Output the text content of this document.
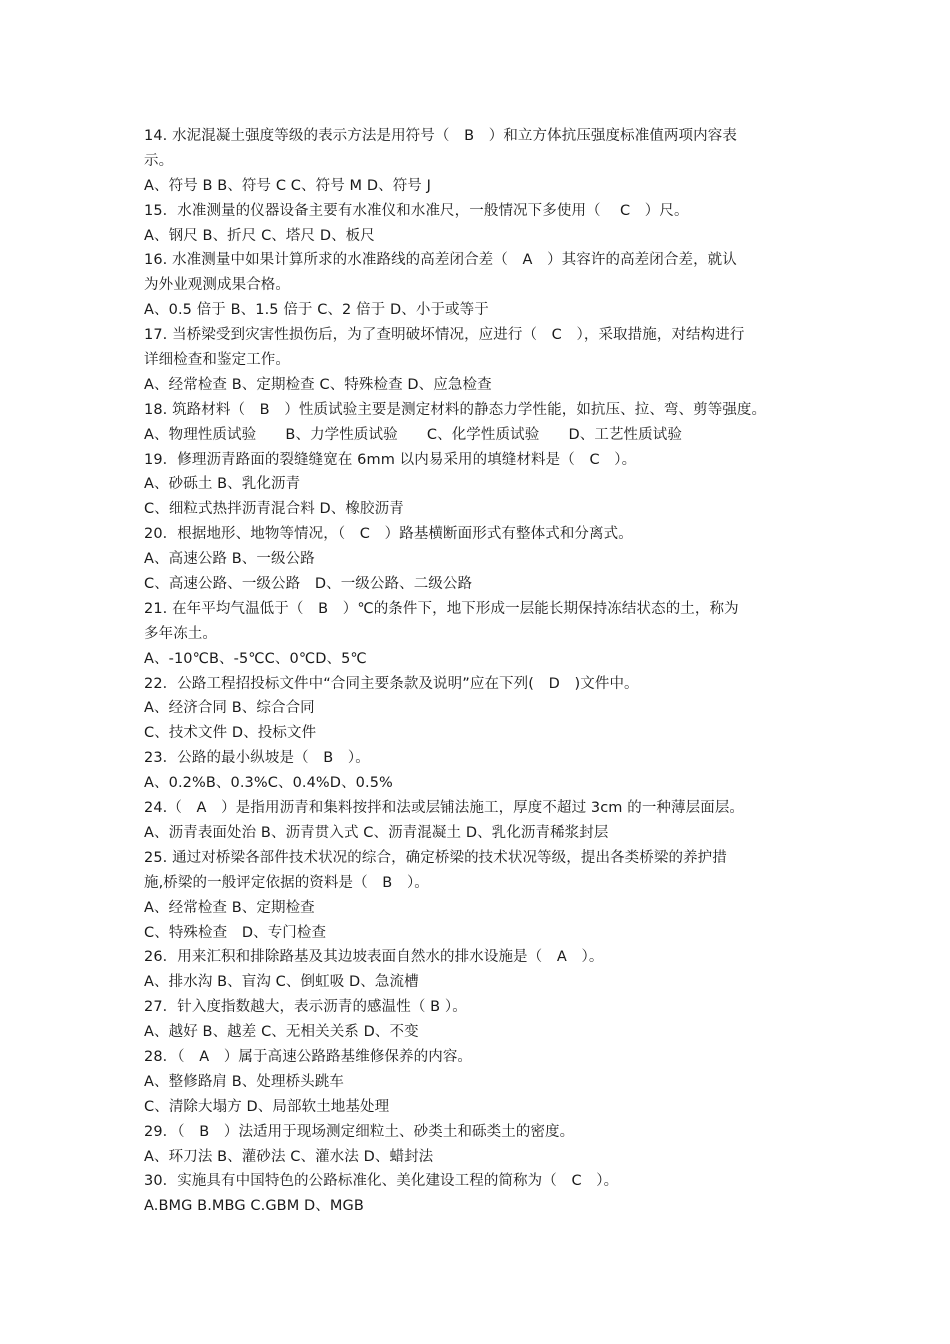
14. 水泥混凝土强度等级的表示方法是用符号（　B　）和立方体抗压强度标准值两项内容表
示。
A、符号 B B、符号 C C、符号 M D、符号 J
15．水准测量的仪器设备主要有水准仪和水准尺，一般情况下多使用（　 C　）尺。
A、钢尺 B、折尺 C、塔尺 D、板尺
16. 水准测量中如果计算所求的水准路线的高差闭合差（　A　）其容许的高差闭合差，就认
为外业观测成果合格。
A、0.5 倍于 B、1.5 倍于 C、2 倍于 D、小于或等于
17. 当桥梁受到灾害性损伤后，为了查明破坏情况，应进行（　C　），采取措施，对结构进行
详细检查和鉴定工作。
A、经常检查 B、定期检查 C、特殊检查 D、应急检查
18. 筑路材料（　B　）性质试验主要是测定材料的静态力学性能，如抗压、拉、弯、剪等强度。
A、物理性质试验　　B、力学性质试验　　C、化学性质试验　　D、工艺性质试验
19．修理沥青路面的裂缝缝宽在 6mm 以内易采用的填缝材料是（　C　）。
A、砂砾土 B、乳化沥青
C、细粒式热拌沥青混合料 D、橡胶沥青
20．根据地形、地物等情况，（　C　）路基横断面形式有整体式和分离式。
A、高速公路 B、一级公路
C、高速公路、一级公路　D、一级公路、二级公路
21. 在年平均气温低于（　B　）℃的条件下，地下形成一层能长期保持冻结状态的土，称为
多年冻土。
A、-10℃B、-5℃C、0℃D、5℃
22．公路工程招投标文件中“合同主要条款及说明”应在下列(　D　)文件中。
A、经济合同 B、综合合同
C、技术文件 D、投标文件
23．公路的最小纵坡是（　B　）。
A、0.2%B、0.3%C、0.4%D、0.5%
24.（　A　）是指用沥青和集料按拌和法或层铺法施工，厚度不超过 3cm 的一种薄层面层。
A、沥青表面处治 B、沥青贯入式 C、沥青混凝土 D、乳化沥青稀浆封层
25. 通过对桥梁各部件技术状况的综合，确定桥梁的技术状况等级，提出各类桥梁的养护措
施,桥梁的一般评定依据的资料是（　B　）。
A、经常检查 B、定期检查
C、特殊检查　D、专门检查
26．用来汇积和排除路基及其边坡表面自然水的排水设施是（　A　）。
A、排水沟 B、盲沟 C、倒虹吸 D、急流槽
27．针入度指数越大，表示沥青的感温性（ B ）。
A、越好 B、越差 C、无相关关系 D、不变
28．（　A　）属于高速公路路基维修保养的内容。
A、整修路肩 B、处理桥头跳车
C、清除大塌方 D、局部软土地基处理
29．（　B　）法适用于现场测定细粒土、砂类土和砾类土的密度。
A、环刀法 B、灌砂法 C、灌水法 D、蜡封法
30．实施具有中国特色的公路标准化、美化建设工程的简称为（　C　）。
A.BMG B.MBG C.GBM D、MGB
